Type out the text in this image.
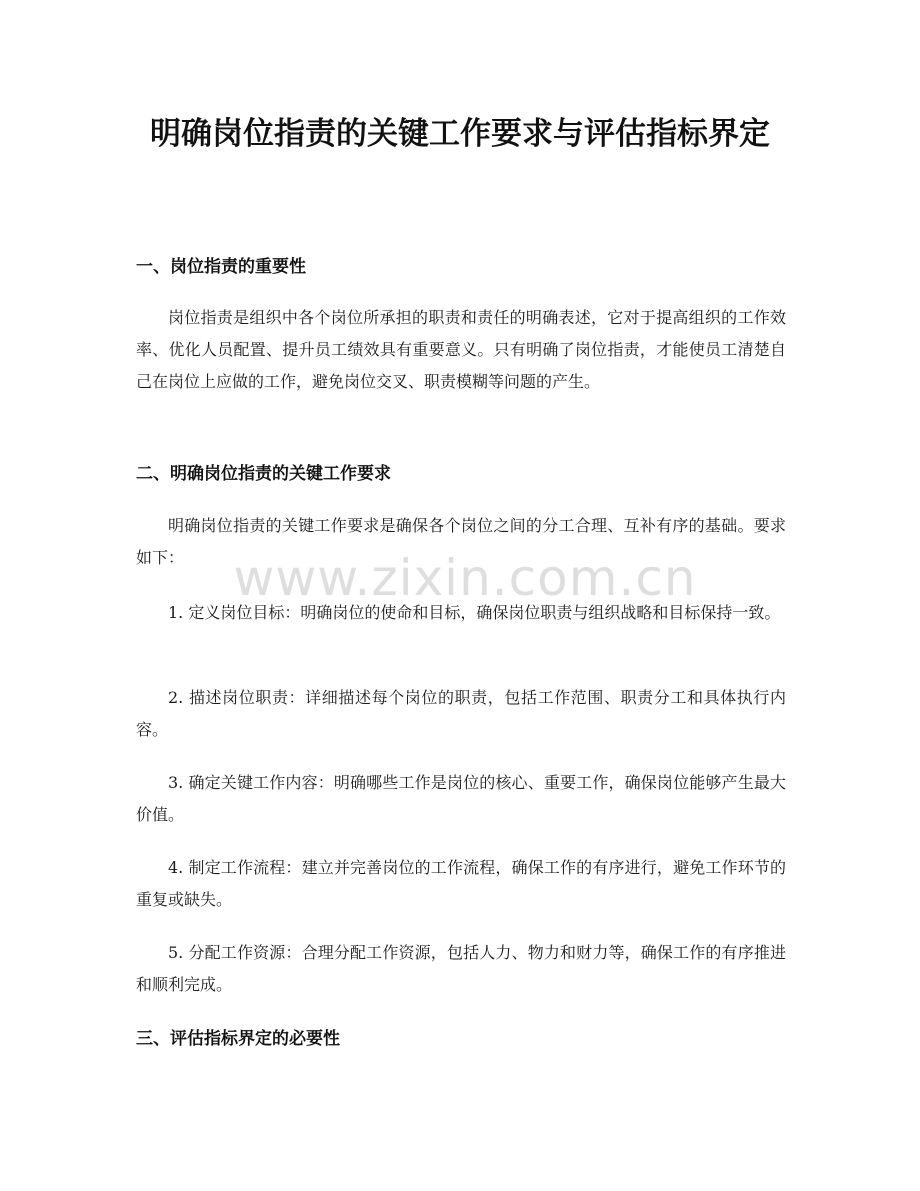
明确岗位指责的关键工作要求与评估指标界定
一、岗位指责的重要性

岗位指责是组织中各个岗位所承担的职责和责任的明确表述，它对于提高组织的工作效率、优化人员配置、提升员工绩效具有重要意义。只有明确了岗位指责，才能使员工清楚自己在岗位上应做的工作，避免岗位交叉、职责模糊等问题的产生。

二、明确岗位指责的关键工作要求

明确岗位指责的关键工作要求是确保各个岗位之间的分工合理、互补有序的基础。要求如下：

1. 定义岗位目标：明确岗位的使命和目标，确保岗位职责与组织战略和目标保持一致。

2. 描述岗位职责：详细描述每个岗位的职责，包括工作范围、职责分工和具体执行内容。

3. 确定关键工作内容：明确哪些工作是岗位的核心、重要工作，确保岗位能够产生最大价值。

4. 制定工作流程：建立并完善岗位的工作流程，确保工作的有序进行，避免工作环节的重复或缺失。

5. 分配工作资源：合理分配工作资源，包括人力、物力和财力等，确保工作的有序推进和顺利完成。

三、评估指标界定的必要性
www.zixin.com.cn
